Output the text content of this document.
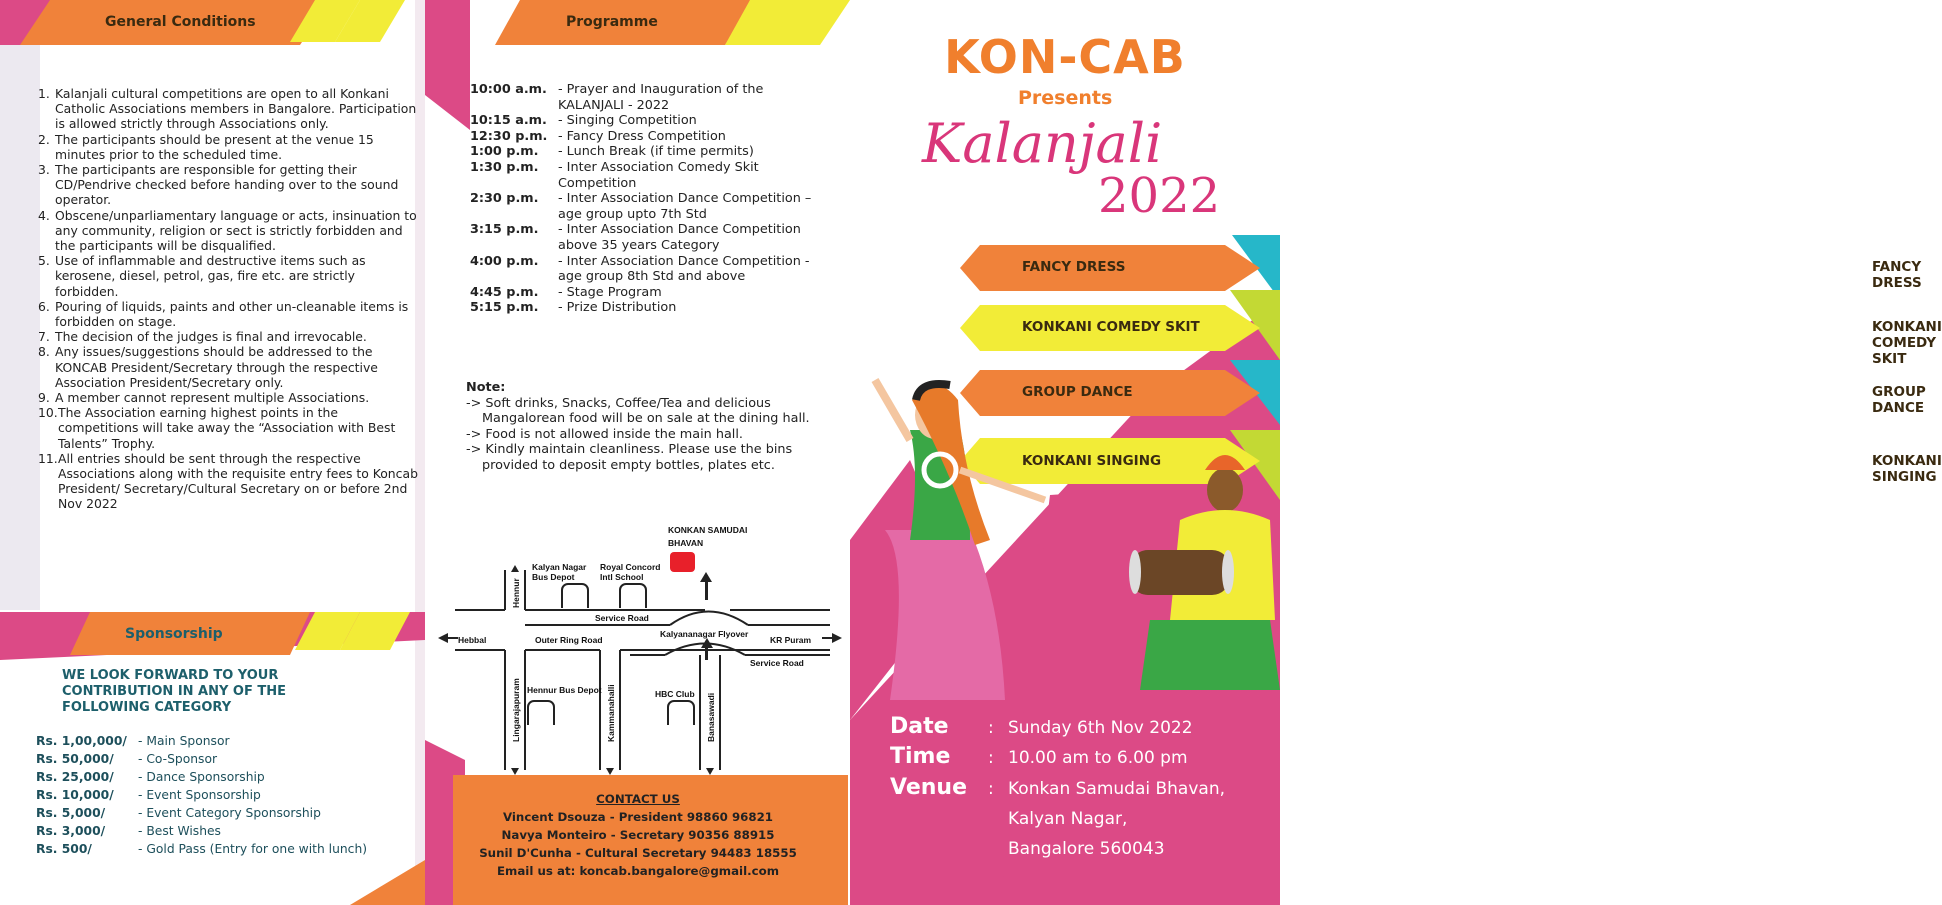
General Conditions
1. Kalanjali cultural competitions are open to all Konkani Catholic Associations members in Bangalore. Participation is allowed strictly through Associations only.
2. The participants should be present at the venue 15 minutes prior to the scheduled time.
3. The participants are responsible for getting their CD/Pendrive checked before handing over to the sound operator.
4. Obscene/unparliamentary language or acts, insinuation to any community, religion or sect is strictly forbidden and the participants will be disqualified.
5. Use of inflammable and destructive items such as kerosene, diesel, petrol, gas, fire etc. are strictly forbidden.
6. Pouring of liquids, paints and other un-cleanable items is forbidden on stage.
7. The decision of the judges is final and irrevocable.
8. Any issues/suggestions should be addressed to the KONCAB President/Secretary through the respective Association President/Secretary only.
9. A member cannot represent multiple Associations.
10. The Association earning highest points in the competitions will take away the “Association with Best Talents” Trophy.
11. All entries should be sent through the respective Associations along with the requisite entry fees to Koncab President/ Secretary/Cultural Secretary on or before 2nd Nov 2022
Sponsorship
WE LOOK FORWARD TO YOUR CONTRIBUTION IN ANY OF THE FOLLOWING CATEGORY
Rs. 1,00,000/ - Main Sponsor
Rs. 50,000/ - Co-Sponsor
Rs. 25,000/ - Dance Sponsorship
Rs. 10,000/ - Event Sponsorship
Rs. 5,000/	- Event Category Sponsorship
Rs. 3,000/	- Best Wishes
Rs. 500/	- Gold Pass (Entry for one with lunch)
Programme
10:00 a.m. - Prayer and Inauguration of the KALANJALI - 2022
10:15 a.m. - Singing Competition
12:30 p.m. - Fancy Dress Competition
1:00 p.m.	- Lunch Break (if time permits)
1:30 p.m.	- Inter Association Comedy Skit Competition
2:30 p.m.	- Inter Association Dance Competition – age group upto 7th Std
3:15 p.m.	- Inter Association Dance Competition above 35 years Category
4:00 p.m.	- Inter Association Dance Competition - age group 8th Std and above
4:45 p.m.	- Stage Program
5:15 p.m.	- Prize Distribution
Note:
-> Soft drinks, Snacks, Coffee/Tea and delicious Mangalorean food will be on sale at the dining hall.
-> Food is not allowed inside the main hall.
-> Kindly maintain cleanliness. Please use the bins provided to deposit empty bottles, plates etc.
KONKAN SAMUDAI
BHAVAN
Kalyan Nagar
Bus Depot
Royal Concord
Intl School
Hennur
Service Road
Hebbal	Outer Ring Road
Kalyananagar Flyover
KR Puram
Service Road
Lingarajapuram Hennur Bus Depot Kammanahalli	HBC Club Banasawadi
CONTACT US
Vincent Dsouza - President 98860 96821
Navya Monteiro - Secretary 90356 88915
Sunil D'Cunha - Cultural Secretary 94483 18555
Email us at: koncab.bangalore@gmail.com
FANCY DRESS
KONKANI COMEDY SKIT
GROUP DANCE
KONKANI SINGING
KON-CAB
Presents
Kalanjali
2022
FANCY DRESS
KONKANI COMEDY SKIT
GROUP DANCE
KONKANI SINGING
Date : Sunday 6th Nov 2022
Time : 10.00 am to 6.00 pm
Venue : Konkan Samudai Bhavan,
Kalyan Nagar,
Bangalore 560043
